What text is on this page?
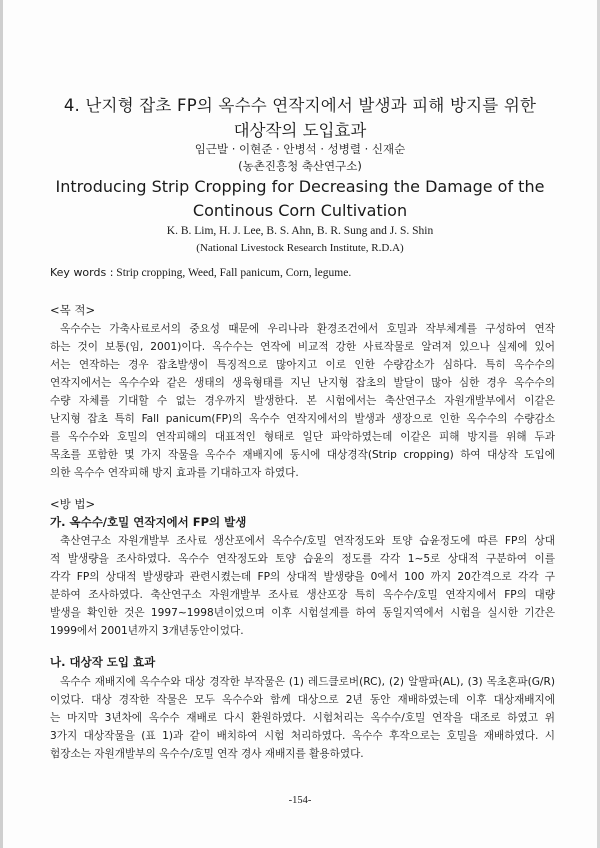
4. 난지형 잡초 FP의 옥수수 연작지에서 발생과 피해 방지를 위한
대상작의 도입효과
임근발 · 이현준 · 안병석 · 성병렬 · 신재순
(농촌진흥청 축산연구소)
Introducing Strip Cropping for Decreasing the Damage of the
Continous Corn Cultivation
K. B. Lim, H. J. Lee, B. S. Ahn, B. R. Sung and J. S. Shin
(National Livestock Research Institute, R.D.A)
Key words : Strip cropping, Weed, Fall panicum, Corn, legume.
<목 적>
옥수수는 가축사료로서의 중요성 때문에 우리나라 환경조건에서 호밀과 작부체계를 구성하여 연작
하는 것이 보통(임, 2001)이다. 옥수수는 연작에 비교적 강한 사료작물로 알려져 있으나 실제에 있어
서는 연작하는 경우 잡초발생이 특징적으로 많아지고 이로 인한 수량감소가 심하다. 특히 옥수수의
연작지에서는 옥수수와 같은 생태의 생육형태를 지닌 난지형 잡초의 발달이 많아 심한 경우 옥수수의
수량 자체를 기대할 수 없는 경우까지 발생한다. 본 시험에서는 축산연구소 자원개발부에서 이같은
난지형 잡초 특히 Fall panicum(FP)의 옥수수 연작지에서의 발생과 생장으로 인한 옥수수의 수량감소
를 옥수수와 호밀의 연작피해의 대표적인 형태로 일단 파악하였는데 이같은 피해 방지를 위해 두과
목초를 포함한 몇 가지 작물을 옥수수 재배지에 동시에 대상경작(Strip cropping) 하여 대상작 도입에
의한 옥수수 연작피해 방지 효과를 기대하고자 하였다.
<방 법>
가. 옥수수/호밀 연작지에서 FP의 발생
축산연구소 자원개발부 조사료 생산포에서 옥수수/호밀 연작정도와 토양 습윤정도에 따른 FP의 상대
적 발생량을 조사하였다. 옥수수 연작정도와 토양 습윤의 정도를 각각 1∼5로 상대적 구분하여 이를
각각 FP의 상대적 발생량과 관련시켰는데 FP의 상대적 발생량을 0에서 100 까지 20간격으로 각각 구
분하여 조사하였다. 축산연구소 자원개발부 조사료 생산포장 특히 옥수수/호밀 연작지에서 FP의 대량
발생을 확인한 것은 1997∼1998년이었으며 이후 시험설계를 하여 동일지역에서 시험을 실시한 기간은
1999에서 2001년까지 3개년동안이었다.
나. 대상작 도입 효과
옥수수 재배지에 옥수수와 대상 경작한 부작물은 (1) 레드클로버(RC), (2) 알팔파(AL), (3) 목초혼파(G/R)
이었다. 대상 경작한 작물은 모두 옥수수와 함께 대상으로 2년 동안 재배하였는데 이후 대상재배지에
는 마지막 3년차에 옥수수 재배로 다시 환원하였다. 시험처리는 옥수수/호밀 연작을 대조로 하였고 위
3가지 대상작물을 (표 1)과 같이 배치하여 시험 처리하였다. 옥수수 후작으로는 호밀을 재배하였다. 시
험장소는 자원개발부의 옥수수/호밀 연작 경사 재배지를 활용하였다.
-154-
